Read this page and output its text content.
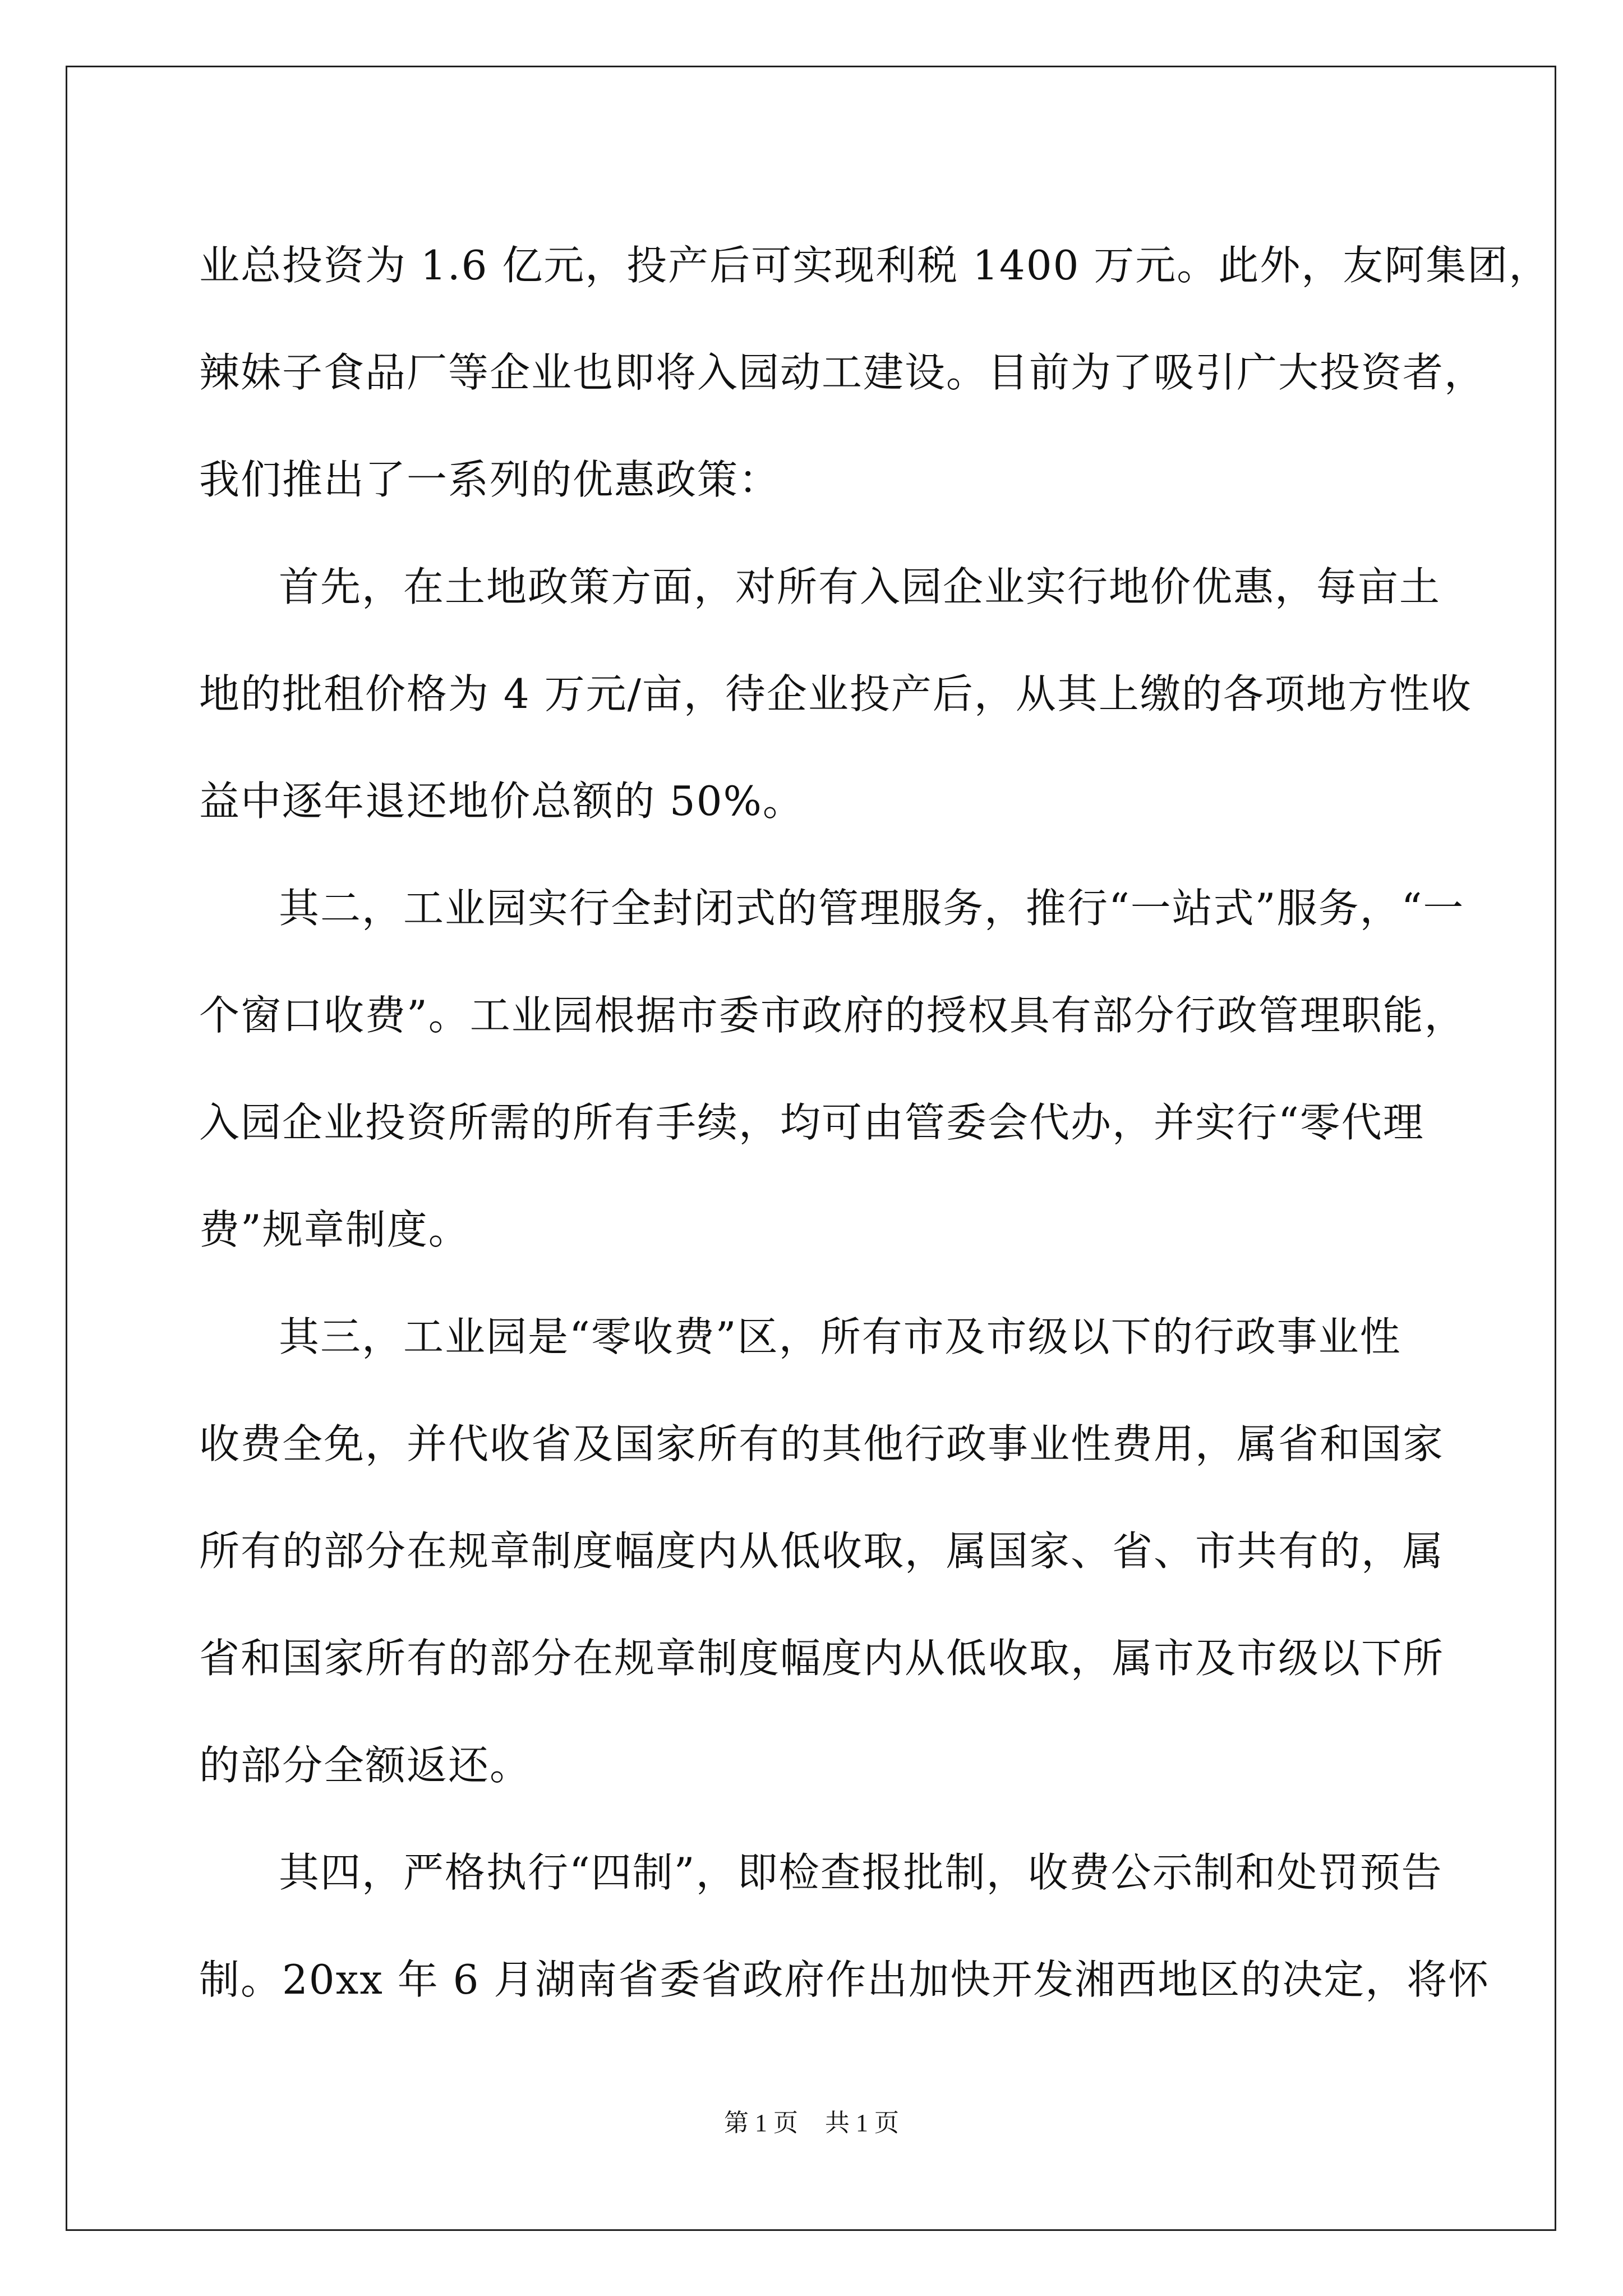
业总投资为 1.6 亿元，投产后可实现利税 1400 万元。此外，友阿集团，
辣妹子食品厂等企业也即将入园动工建设。目前为了吸引广大投资者，
我们推出了一系列的优惠政策：
首先，在土地政策方面，对所有入园企业实行地价优惠，每亩土
地的批租价格为 4 万元/亩，待企业投产后，从其上缴的各项地方性收
益中逐年退还地价总额的 50%。
其二，工业园实行全封闭式的管理服务，推行“一站式”服务，“一
个窗口收费”。工业园根据市委市政府的授权具有部分行政管理职能，
入园企业投资所需的所有手续，均可由管委会代办，并实行“零代理
费”规章制度。
其三，工业园是“零收费”区，所有市及市级以下的行政事业性
收费全免，并代收省及国家所有的其他行政事业性费用，属省和国家
所有的部分在规章制度幅度内从低收取，属国家、省、市共有的，属
省和国家所有的部分在规章制度幅度内从低收取，属市及市级以下所
的部分全额返还。
其四，严格执行“四制”，即检查报批制，收费公示制和处罚预告
制。20xx 年 6 月湖南省委省政府作出加快开发湘西地区的决定，将怀
第 1 页 共 1 页
